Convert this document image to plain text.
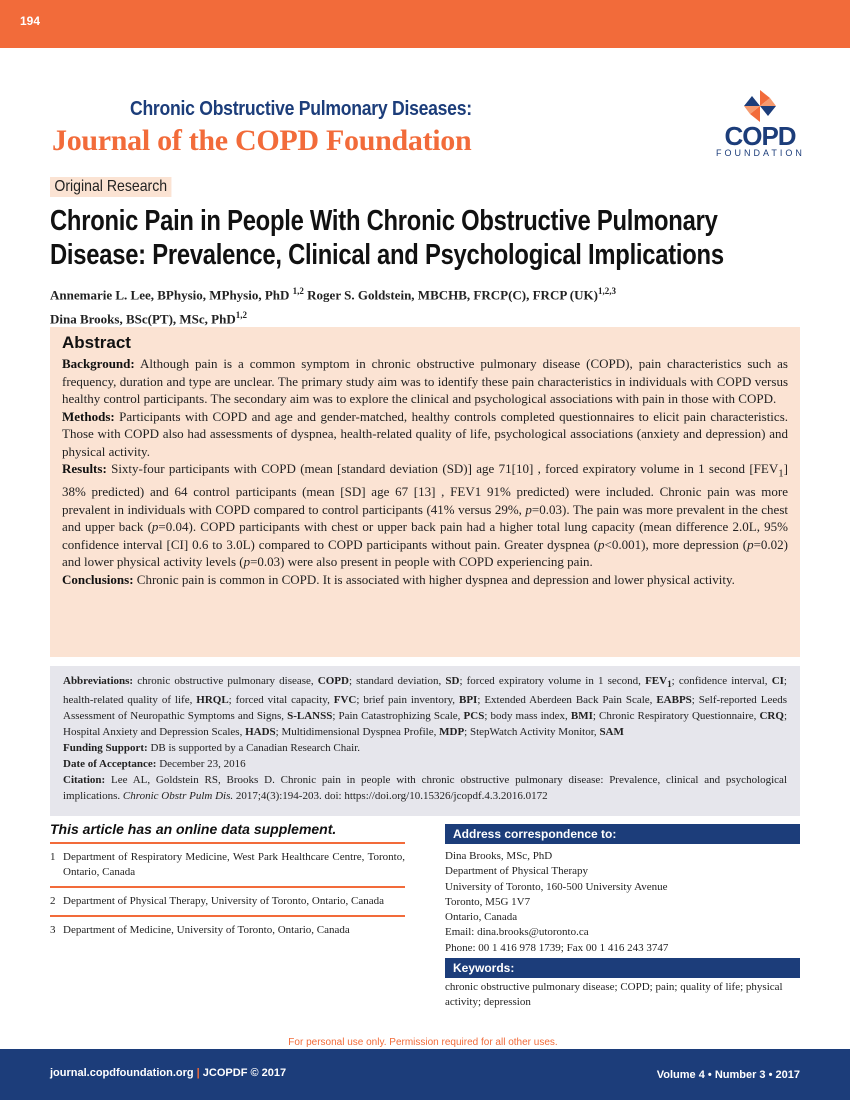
194
Chronic Obstructive Pulmonary Diseases:
Journal of the COPD Foundation	COPD
FOUNDATION
Original Research
Chronic Pain in People With Chronic Obstructive Pulmonary Disease: Prevalence, Clinical and Psychological Implications

Annemarie L. Lee, BPhysio, MPhysio, PhD $^{1,2}$ Roger S. Goldstein, MBCHB, FRCP(C), FRCP (UK)$^{1,2,3}$
Dina Brooks, BSc(PT), MSc, PhD$^{1,2}$

Abstract

Background: Although pain is a common symptom in chronic obstructive pulmonary disease (COPD), pain characteristics such as frequency, duration and type are unclear. The primary study aim was to identify these pain characteristics in individuals with COPD versus healthy control participants. The secondary aim was to explore the clinical and psychological associations with pain in those with COPD.

Methods: Participants with COPD and age and gender-matched, healthy controls completed questionnaires to elicit pain characteristics. Those with COPD also had assessments of dyspnea, health-related quality of life, psychological associations (anxiety and depression) and physical activity.

Results: Sixty-four participants with COPD (mean [standard deviation (SD)] age 71[10] , forced expiratory volume in 1 second $[FEV_1]$ 38% predicted) and 64 control participants (mean [SD] age 67 [13] , FEV1 91% predicted) were included. Chronic pain was more prevalent in individuals with COPD compared to control participants (41% versus 29%, p=0.03). The pain was more prevalent in the chest and upper back (p=0.04). COPD participants with chest or upper back pain had a higher total lung capacity (mean difference 2.0L, 95% confidence interval [CI] 0.6 to 3.0L) compared to COPD participants without pain. Greater dyspnea (p<0.001), more depression (p=0.02) and lower physical activity levels (p=0.03) were also present in people with COPD experiencing pain.

Conclusions: Chronic pain is common in COPD. It is associated with higher dyspnea and depression and lower physical activity.

Abbreviations: chronic obstructive pulmonary disease, COPD; standard deviation, SD; forced expiratory volume in 1 second, $FEV_1$; confidence interval, CI; health-related quality of life, HRQL; forced vital capacity, FVC; brief pain inventory, BPI; Extended Aberdeen Back Pain Scale, EABPS; Self-reported Leeds Assessment of Neuropathic Symptoms and Signs, S-LANSS; Pain Catastrophizing Scale, PCS; body mass index, BMI; Chronic Respiratory Questionnaire, CRQ; Hospital Anxiety and Depression Scales, HADS; Multidimensional Dyspnea Profile, MDP; StepWatch Activity Monitor, SAM

Funding Support: DB is supported by a Canadian Research Chair.

Date of Acceptance: December 23, 2016

Citation: Lee AL, Goldstein RS, Brooks D. Chronic pain in people with chronic obstructive pulmonary disease: Prevalence, clinical and psychological implications. Chronic Obstr Pulm Dis. 2017;4(3):194-203. doi: https://doi.org/10.15326/jcopdf.4.3.2016.0172

This article has an online data supplement.
1 Department of Respiratory Medicine, West Park Healthcare Centre, Toronto, Ontario, Canada
2 Department of Physical Therapy, University of Toronto, Ontario, Canada
3 Department of Medicine, University of Toronto, Ontario, Canada
Address correspondence to:
Dina Brooks, MSc, PhD
Department of Physical Therapy
University of Toronto, 160-500 University Avenue
Toronto, M5G 1V7
Ontario, Canada
Email: dina.brooks@utoronto.ca
Phone: 00 1 416 978 1739; Fax 00 1 416 243 3747
Keywords:
chronic obstructive pulmonary disease; COPD; pain; quality of life; physical activity; depression
For personal use only. Permission required for all other uses.
journal.copdfoundation.org | JCOPDF © 2017	Volume 4 • Number 3 • 2017
